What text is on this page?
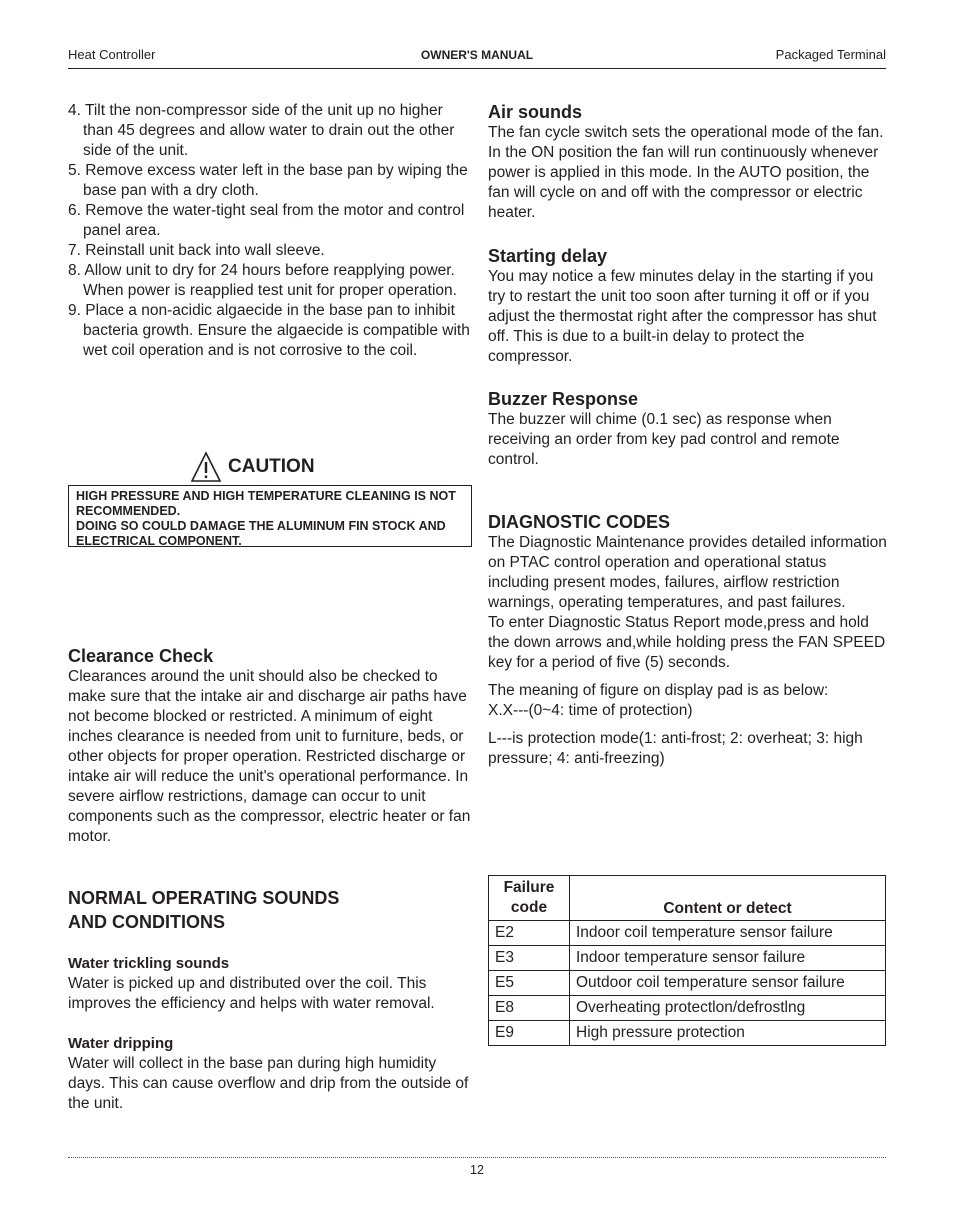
Heat Controller	OWNER'S MANUAL	Packaged Terminal
4. Tilt the non-compressor side of the unit up no higher than 45 degrees and allow water to drain out the other side of the unit.
5. Remove excess water left in the base pan by wiping the base pan with a dry cloth.
6. Remove the water-tight seal from the motor and control panel area.
7. Reinstall unit back into wall sleeve.
8. Allow unit to dry for 24 hours before reapplying power. When power is reapplied test unit for proper operation.
9. Place a non-acidic algaecide in the base pan to inhibit bacteria growth. Ensure the algaecide is compatible with wet coil operation and is not corrosive to the coil.
CAUTION
HIGH PRESSURE AND HIGH TEMPERATURE CLEANING IS NOT RECOMMENDED.
DOING SO COULD DAMAGE THE ALUMINUM FIN STOCK AND ELECTRICAL COMPONENT.
Clearance Check

Clearances around the unit should also be checked to make sure that the intake air and discharge air paths have not become blocked or restricted. A minimum of eight inches clearance is needed from unit to furniture, beds, or other objects for proper operation. Restricted discharge or intake air will reduce the unit's operational performance. In severe airflow restrictions, damage can occur to unit components such as the compressor, electric heater or fan motor.

NORMAL OPERATING SOUNDS
AND CONDITIONS
Water trickling sounds

Water is picked up and distributed over the coil. This improves the efficiency and helps with water removal.

Water dripping

Water will collect in the base pan during high humidity days. This can cause overflow and drip from the outside of the unit.

Air sounds

The fan cycle switch sets the operational mode of the fan. In the ON position the fan will run continuously whenever power is applied in this mode. In the AUTO position, the fan will cycle on and off with the compressor or electric heater.

Starting delay

You may notice a few minutes delay in the starting if you try to restart the unit too soon after turning it off or if you adjust the thermostat right after the compressor has shut off. This is due to a built-in delay to protect the compressor.

Buzzer Response

The buzzer will chime (0.1 sec) as response when receiving an order from key pad control and remote control.

DIAGNOSTIC CODES

The Diagnostic Maintenance provides detailed information on PTAC control operation and operational status including present modes, failures, airflow restriction warnings, operating temperatures, and past failures.

To enter Diagnostic Status Report mode,press and hold the down arrows and,while holding press the FAN SPEED key for a period of five (5) seconds.

The meaning of figure on display pad is as below:

X.X---(0~4: time of protection)

L---is protection mode(1: anti-frost; 2: overheat; 3: high pressure; 4: anti-freezing)

Failure
code	Content or detect
E2	Indoor coil temperature sensor failure
E3	Indoor temperature sensor failure
E5	Outdoor coil temperature sensor failure
E8	Overheating protectlon/defrostlng
E9	High pressure protection
12
